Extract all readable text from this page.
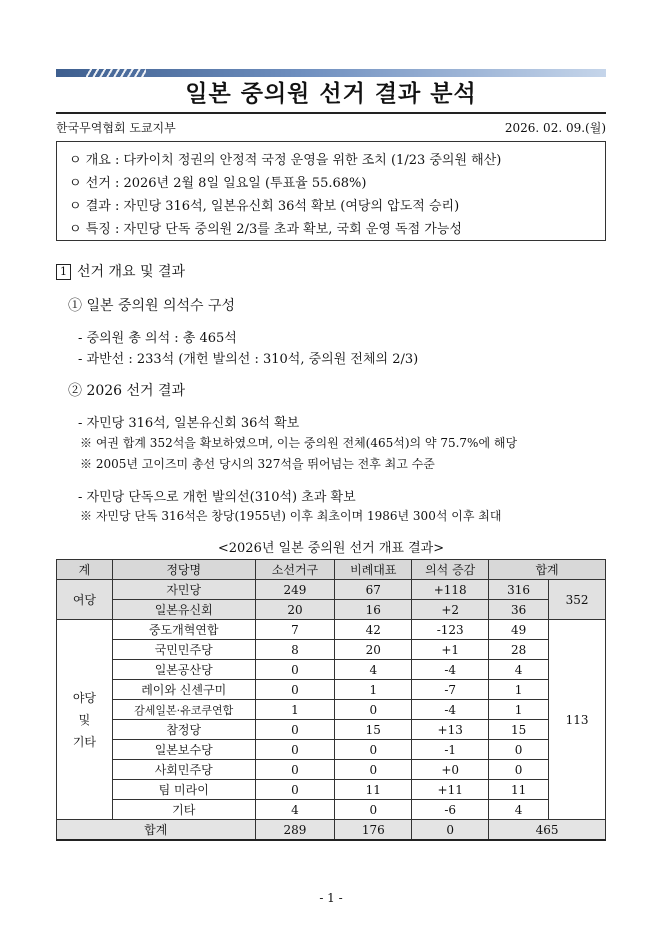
일본 중의원 선거 결과 분석
한국무역협회 도쿄지부	2026. 02. 09.(월)
ㅇ 개요 : 다카이치 정권의 안정적 국정 운영을 위한 조치 (1/23 중의원 해산)
ㅇ 선거 : 2026년 2월 8일 일요일 (투표율 55.68%)
ㅇ 결과 : 자민당 316석, 일본유신회 36석 확보 (여당의 압도적 승리)
ㅇ 특징 : 자민당 단독 중의원 2/3를 초과 확보, 국회 운영 독점 가능성
1 선거 개요 및 결과
① 일본 중의원 의석수 구성
- 중의원 총 의석 : 총 465석
- 과반선 : 233석 (개헌 발의선 : 310석, 중의원 전체의 2/3)
② 2026 선거 결과
- 자민당 316석, 일본유신회 36석 확보
※ 여권 합계 352석을 확보하였으며, 이는 중의원 전체(465석)의 약 75.7%에 해당
※ 2005년 고이즈미 총선 당시의 327석을 뛰어넘는 전후 최고 수준
- 자민당 단독으로 개헌 발의선(310석) 초과 확보
※ 자민당 단독 316석은 창당(1955년) 이후 최초이며 1986년 300석 이후 최대
<2026년 일본 중의원 선거 개표 결과>
계	정당명	소선거구	비례대표	의석 증감	합계	
여당	자민당	249	67	+118	316	352
	일본유신회	20	16	+2	36	
야당
및
기타	중도개혁연합	7	42	-123	49	113
	국민민주당	8	20	+1	28	
	일본공산당	0	4	-4	4	
	레이와 신센구미	0	1	-7	1	
	감세일본·유코쿠연합	1	0	-4	1	
	참정당	0	15	+13	15	
	일본보수당	0	0	-1	0	
	사회민주당	0	0	+0	0	
	팀 미라이	0	11	+11	11	
	기타	4	0	-6	4	
합계		289	176	0	465	
- 1 -
